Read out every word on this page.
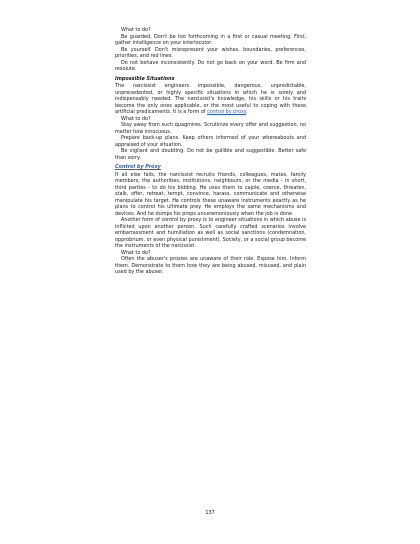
What to do?

Be guarded. Don't be too forthcoming in a first or casual meeting. First, gather intelligence on your interlocutor.

Be yourself. Don't misrepresent your wishes, boundaries, preferences, priorities, and red lines.

Do not behave inconsistently. Do not go back on your word. Be firm and resolute.

Impossible Situations

The narcissist engineers impossible, dangerous, unpredictable, unprecedented, or highly specific situations in which he is sorely and indispensably needed. The narcissist's knowledge, his skills or his traits become the only ones applicable, or the most useful to coping with these artificial predicaments. It is a form of control by proxy.

What to do?

Stay away from such quagmires. Scrutinize every offer and suggestion, no matter how innocuous.

Prepare back-up plans. Keep others informed of your whereabouts and appraised of your situation.

Be vigilant and doubting. Do not be gullible and suggestible. Better safe than sorry.

Control by Proxy

If all else fails, the narcissist recruits friends, colleagues, mates, family members, the authorities, institutions, neighbours, or the media - in short, third parties - to do his bidding. He uses them to cajole, coerce, threaten, stalk, offer, retreat, tempt, convince, harass, communicate and otherwise manipulate his target. He controls these unaware instruments exactly as he plans to control his ultimate prey. He employs the same mechanisms and devices. And he dumps his props unceremoniously when the job is done.

Another form of control by proxy is to engineer situations in which abuse is inflicted upon another person. Such carefully crafted scenarios involve embarrassment and humiliation as well as social sanctions (condemnation, opprobrium, or even physical punishment). Society, or a social group become the instruments of the narcissist.

What to do?

Often the abuser's proxies are unaware of their role. Expose him. Inform them. Demonstrate to them how they are being abused, misused, and plain used by the abuser.

137
